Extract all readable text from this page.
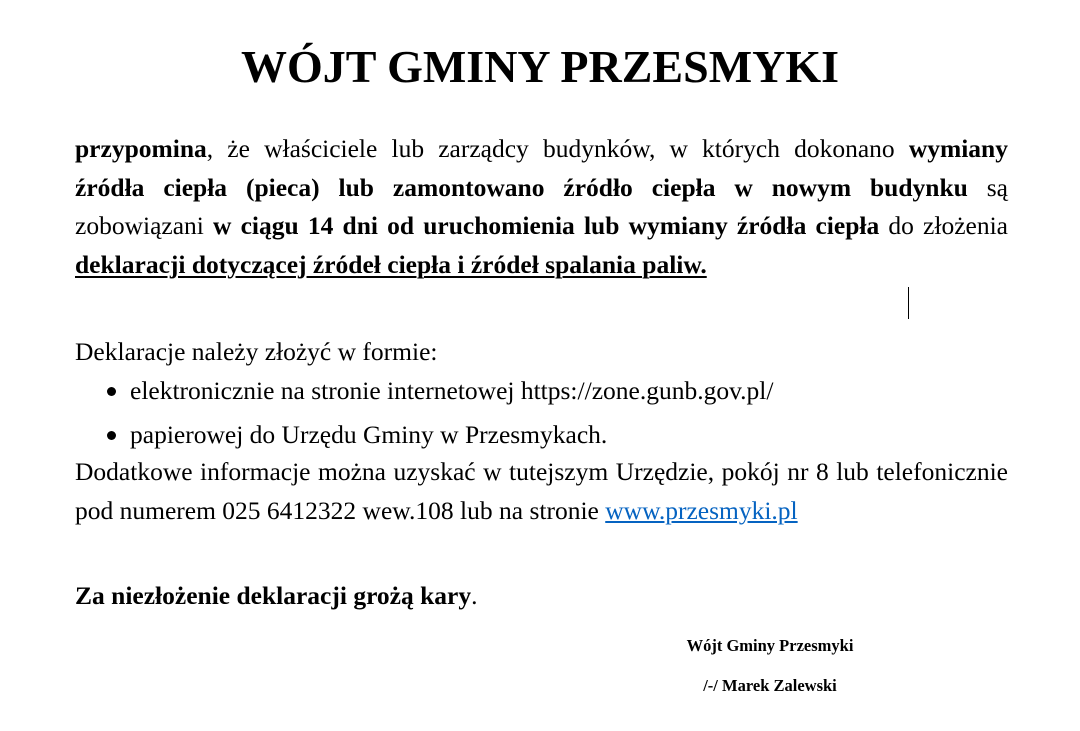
WÓJT GMINY PRZESMYKI

przypomina, że właściciele lub zarządcy budynków, w których dokonano wymiany źródła ciepła (pieca) lub zamontowano źródło ciepła w nowym budynku są zobowiązani w ciągu 14 dni od uruchomienia lub wymiany źródła ciepła do złożenia deklaracji dotyczącej źródeł ciepła i źródeł spalania paliw.

Deklaracje należy złożyć w formie:

elektronicznie na stronie internetowej https://zone.gunb.gov.pl/
papierowej do Urzędu Gminy w Przesmykach.

Dodatkowe informacje można uzyskać w tutejszym Urzędzie, pokój nr 8 lub telefonicznie pod numerem 025 6412322 wew.108 lub na stronie www.przesmyki.pl

Za niezłożenie deklaracji grożą kary.

Wójt Gminy Przesmyki

/-/ Marek Zalewski
